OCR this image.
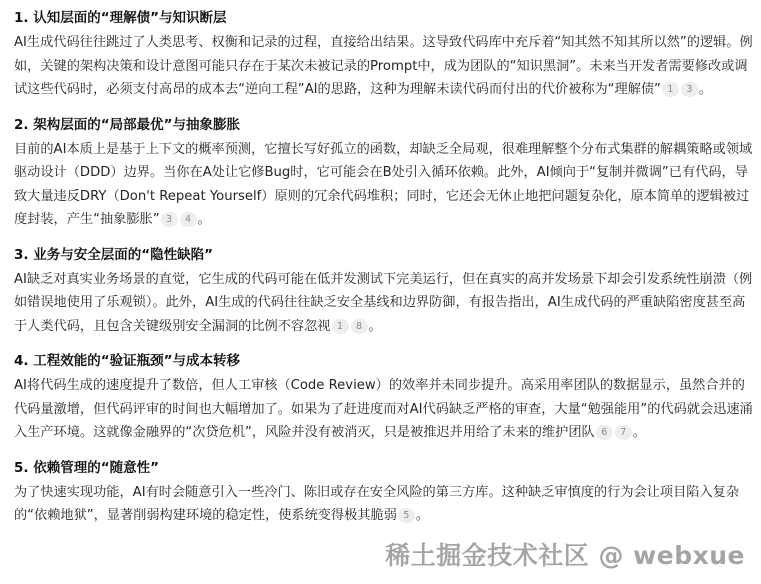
1. 认知层面的“理解债”与知识断层

AI生成代码往往跳过了人类思考、权衡和记录的过程，直接给出结果。这导致代码库中充斥着“知其然不知其所以然”的逻辑。例如，关键的架构决策和设计意图可能只存在于某次未被记录的Prompt中，成为团队的“知识黑洞”。未来当开发者需要修改或调试这些代码时，必须支付高昂的成本去“逆向工程”AI的思路，这种为理解未读代码而付出的代价被称为“理解债” 1 3 。

2. 架构层面的“局部最优”与抽象膨胀

目前的AI本质上是基于上下文的概率预测，它擅长写好孤立的函数，却缺乏全局观，很难理解整个分布式集群的解耦策略或领域驱动设计（DDD）边界。当你在A处让它修Bug时，它可能会在B处引入循环依赖。此外，AI倾向于“复制并微调”已有代码，导致大量违反DRY（Don't Repeat Yourself）原则的冗余代码堆积；同时，它还会无休止地把问题复杂化，原本简单的逻辑被过度封装，产生“抽象膨胀” 3 4 。

3. 业务与安全层面的“隐性缺陷”

AI缺乏对真实业务场景的直觉，它生成的代码可能在低并发测试下完美运行，但在真实的高并发场景下却会引发系统性崩溃（例如错误地使用了乐观锁）。此外，AI生成的代码往往缺乏安全基线和边界防御，有报告指出，AI生成代码的严重缺陷密度甚至高于人类代码，且包含关键级别安全漏洞的比例不容忽视 1 8 。

4. 工程效能的“验证瓶颈”与成本转移

AI将代码生成的速度提升了数倍，但人工审核（Code Review）的效率并未同步提升。高采用率团队的数据显示，虽然合并的代码量激增，但代码评审的时间也大幅增加了。如果为了赶进度而对AI代码缺乏严格的审查，大量“勉强能用”的代码就会迅速涌入生产环境。这就像金融界的“次贷危机”，风险并没有被消灭，只是被推迟并用给了未来的维护团队 6 7 。

5. 依赖管理的“随意性”

为了快速实现功能，AI有时会随意引入一些冷门、陈旧或存在安全风险的第三方库。这种缺乏审慎度的行为会让项目陷入复杂的“依赖地狱”，显著削弱构建环境的稳定性，使系统变得极其脆弱 5 。

稀土掘金技术社区 @ webxue
